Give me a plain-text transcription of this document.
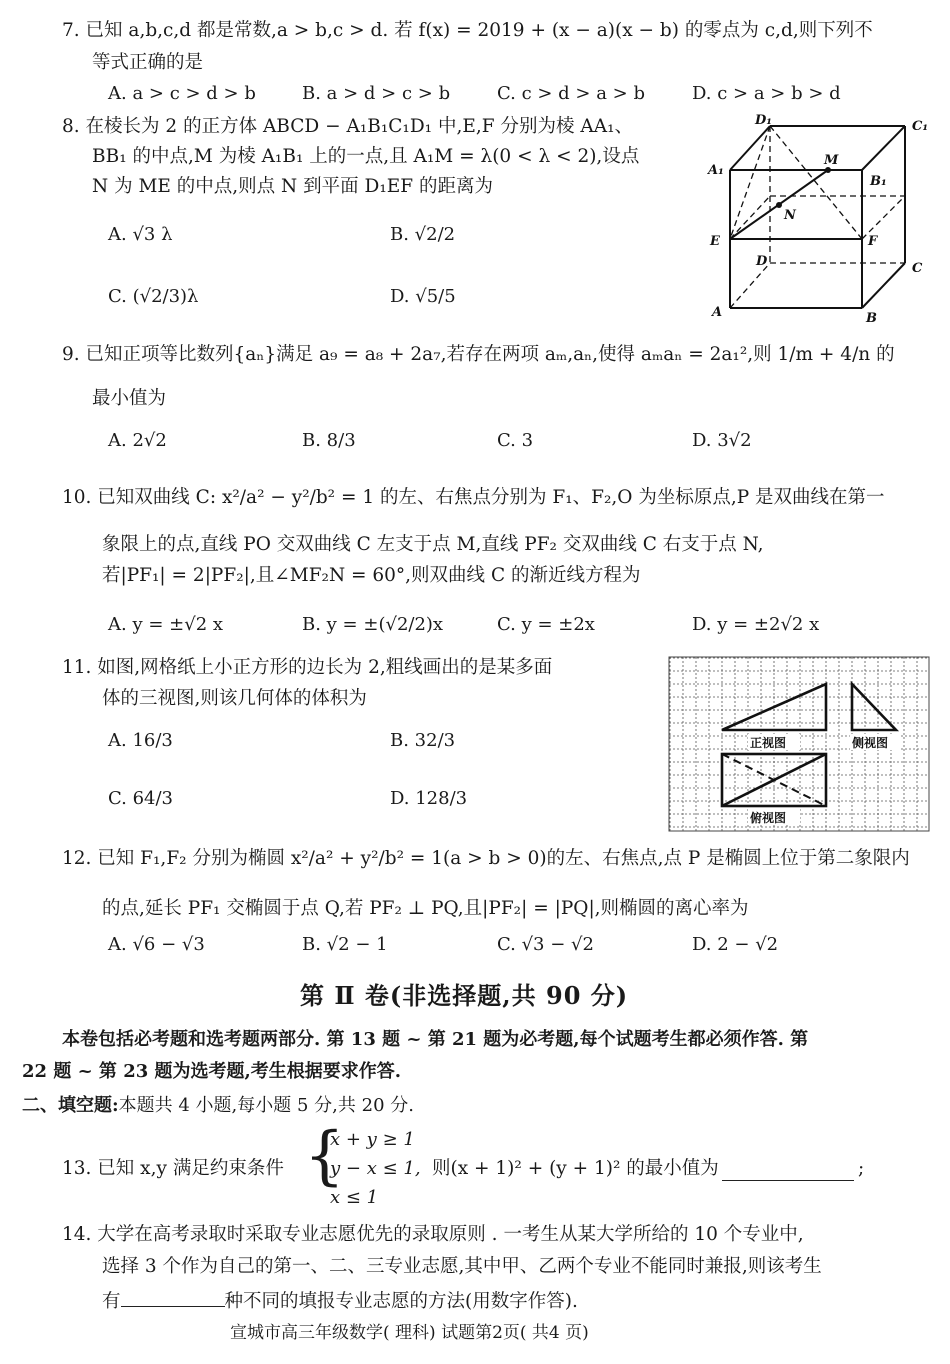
7. 已知 a,b,c,d 都是常数,a > b,c > d. 若 f(x) = 2019 + (x − a)(x − b) 的零点为 c,d,则下列不
等式正确的是
A. a > c > d > b	B. a > d > c > b	C. c > d > a > b	D. c > a > b > d
8. 在棱长为 2 的正方体 ABCD − A₁B₁C₁D₁ 中,E,F 分别为棱 AA₁、
BB₁ 的中点,M 为棱 A₁B₁ 上的一点,且 A₁M = λ(0 < λ < 2),设点
N 为 ME 的中点,则点 N 到平面 D₁EF 的距离为
A. √3 λ	B. √2/2
C. (√2/3)λ	D. √5/5
D₁	C₁
M
A₁
B₁
N
E	F
D	C
A	B
9. 已知正项等比数列{aₙ}满足 a₉ = a₈ + 2a₇,若存在两项 aₘ,aₙ,使得 aₘaₙ = 2a₁²,则 1/m + 4/n 的
最小值为
A. 2√2	B. 8/3	C. 3	D. 3√2
10. 已知双曲线 C: x²/a² − y²/b² = 1 的左、右焦点分别为 F₁、F₂,O 为坐标原点,P 是双曲线在第一
象限上的点,直线 PO 交双曲线 C 左支于点 M,直线 PF₂ 交双曲线 C 右支于点 N,
若|PF₁| = 2|PF₂|,且∠MF₂N = 60°,则双曲线 C 的渐近线方程为
A. y = ±√2 x	B. y = ±(√2/2)x	C. y = ±2x	D. y = ±2√2 x
11. 如图,网格纸上小正方形的边长为 2,粗线画出的是某多面
体的三视图,则该几何体的体积为
A. 16/3	B. 32/3
C. 64/3	D. 128/3
正视图	侧视图
俯视图
12. 已知 F₁,F₂ 分别为椭圆 x²/a² + y²/b² = 1(a > b > 0)的左、右焦点,点 P 是椭圆上位于第二象限内
的点,延长 PF₁ 交椭圆于点 Q,若 PF₂ ⊥ PQ,且|PF₂| = |PQ|,则椭圆的离心率为
A. √6 − √3	B. √2 − 1	C. √3 − √2	D. 2 − √2
第 Ⅱ 卷(非选择题,共 90 分)
本卷包括必考题和选考题两部分. 第 13 题 ~ 第 21 题为必考题,每个试题考生都必须作答. 第
22 题 ~ 第 23 题为选考题,考生根据要求作答.
二、填空题:本题共 4 小题,每小题 5 分,共 20 分.
13. 已知 x,y 满足约束条件 {
x + y ≥ 1
y − x ≤ 1,
x ≤ 1
则(x + 1)² + (y + 1)² 的最小值为	;
14. 大学在高考录取时采取专业志愿优先的录取原则 . 一考生从某大学所给的 10 个专业中,
选择 3 个作为自己的第一、二、三专业志愿,其中甲、乙两个专业不能同时兼报,则该考生
有	种不同的填报专业志愿的方法(用数字作答).
宣城市高三年级数学( 理科) 试题第2页( 共4 页)
